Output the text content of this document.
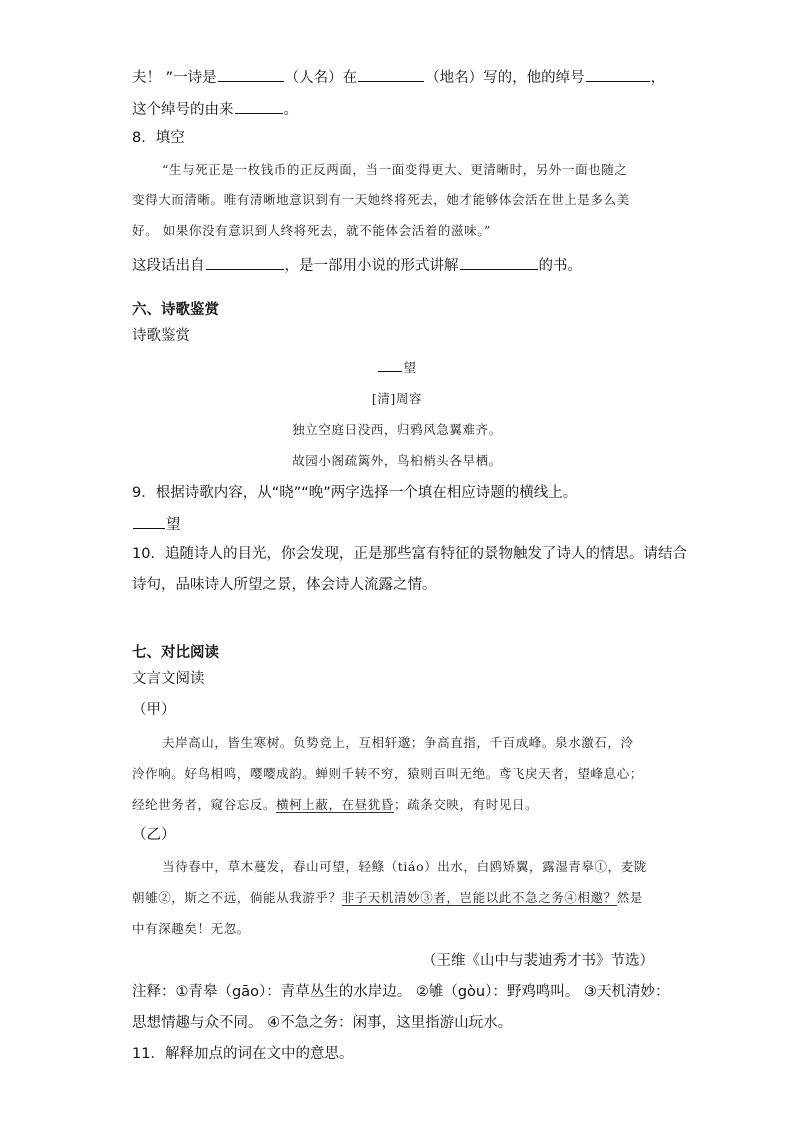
夫！ ”一诗是	（人名）在	（地名）写的，他的绰号	，
这个绰号的由来	。
8．填空
“生与死正是一枚钱币的正反两面，当一面变得更大、更清晰时，另外一面也随之
变得大而清晰。唯有清晰地意识到有一天她终将死去，她才能够体会活在世上是多么美
好。 如果你没有意识到人终将死去，就不能体会活着的滋味。”
这段话出自	，是一部用小说的形式讲解	的书。
六、诗歌鉴赏
诗歌鉴赏
望
[清]周容
独立空庭日没西，归鸦风急翼难齐。
故园小阁疏篱外，鸟桕梢头各早栖。
9．根据诗歌内容，从“晓”“晚”两字选择一个填在相应诗题的横线上。
望
10．追随诗人的目光，你会发现，正是那些富有特征的景物触发了诗人的情思。请结合
诗句，品味诗人所望之景，体会诗人流露之情。
七、对比阅读
文言文阅读
（甲）
夫岸高山，皆生寒树。负势竞上，互相轩邈；争高直指，千百成峰。泉水激石，泠
泠作响。好鸟相鸣，嘤嘤成韵。蝉则千转不穷，猿则百叫无绝。鸢飞戾天者，望峰息心；
经纶世务者，窥谷忘反。横柯上蔽，在昼犹昏；疏条交映，有时见日。
（乙）
当待春中，草木蔓发，春山可望，轻鲦（tiáo）出水，白鸥矫翼，露湿青皋①，麦陇
朝雊②，斯之不远，倘能从我游乎？非子天机清妙③者，岂能以此不急之务④相邀？然是
中有深趣矣！无忽。
（王维《山中与裴迪秀才书》节选）
注释：①青皋（gāo）：青草丛生的水岸边。 ②雊（gòu）：野鸡鸣叫。 ③天机清妙：
思想情趣与众不同。 ④不急之务：闲事，这里指游山玩水。
11．解释加点的词在文中的意思。
